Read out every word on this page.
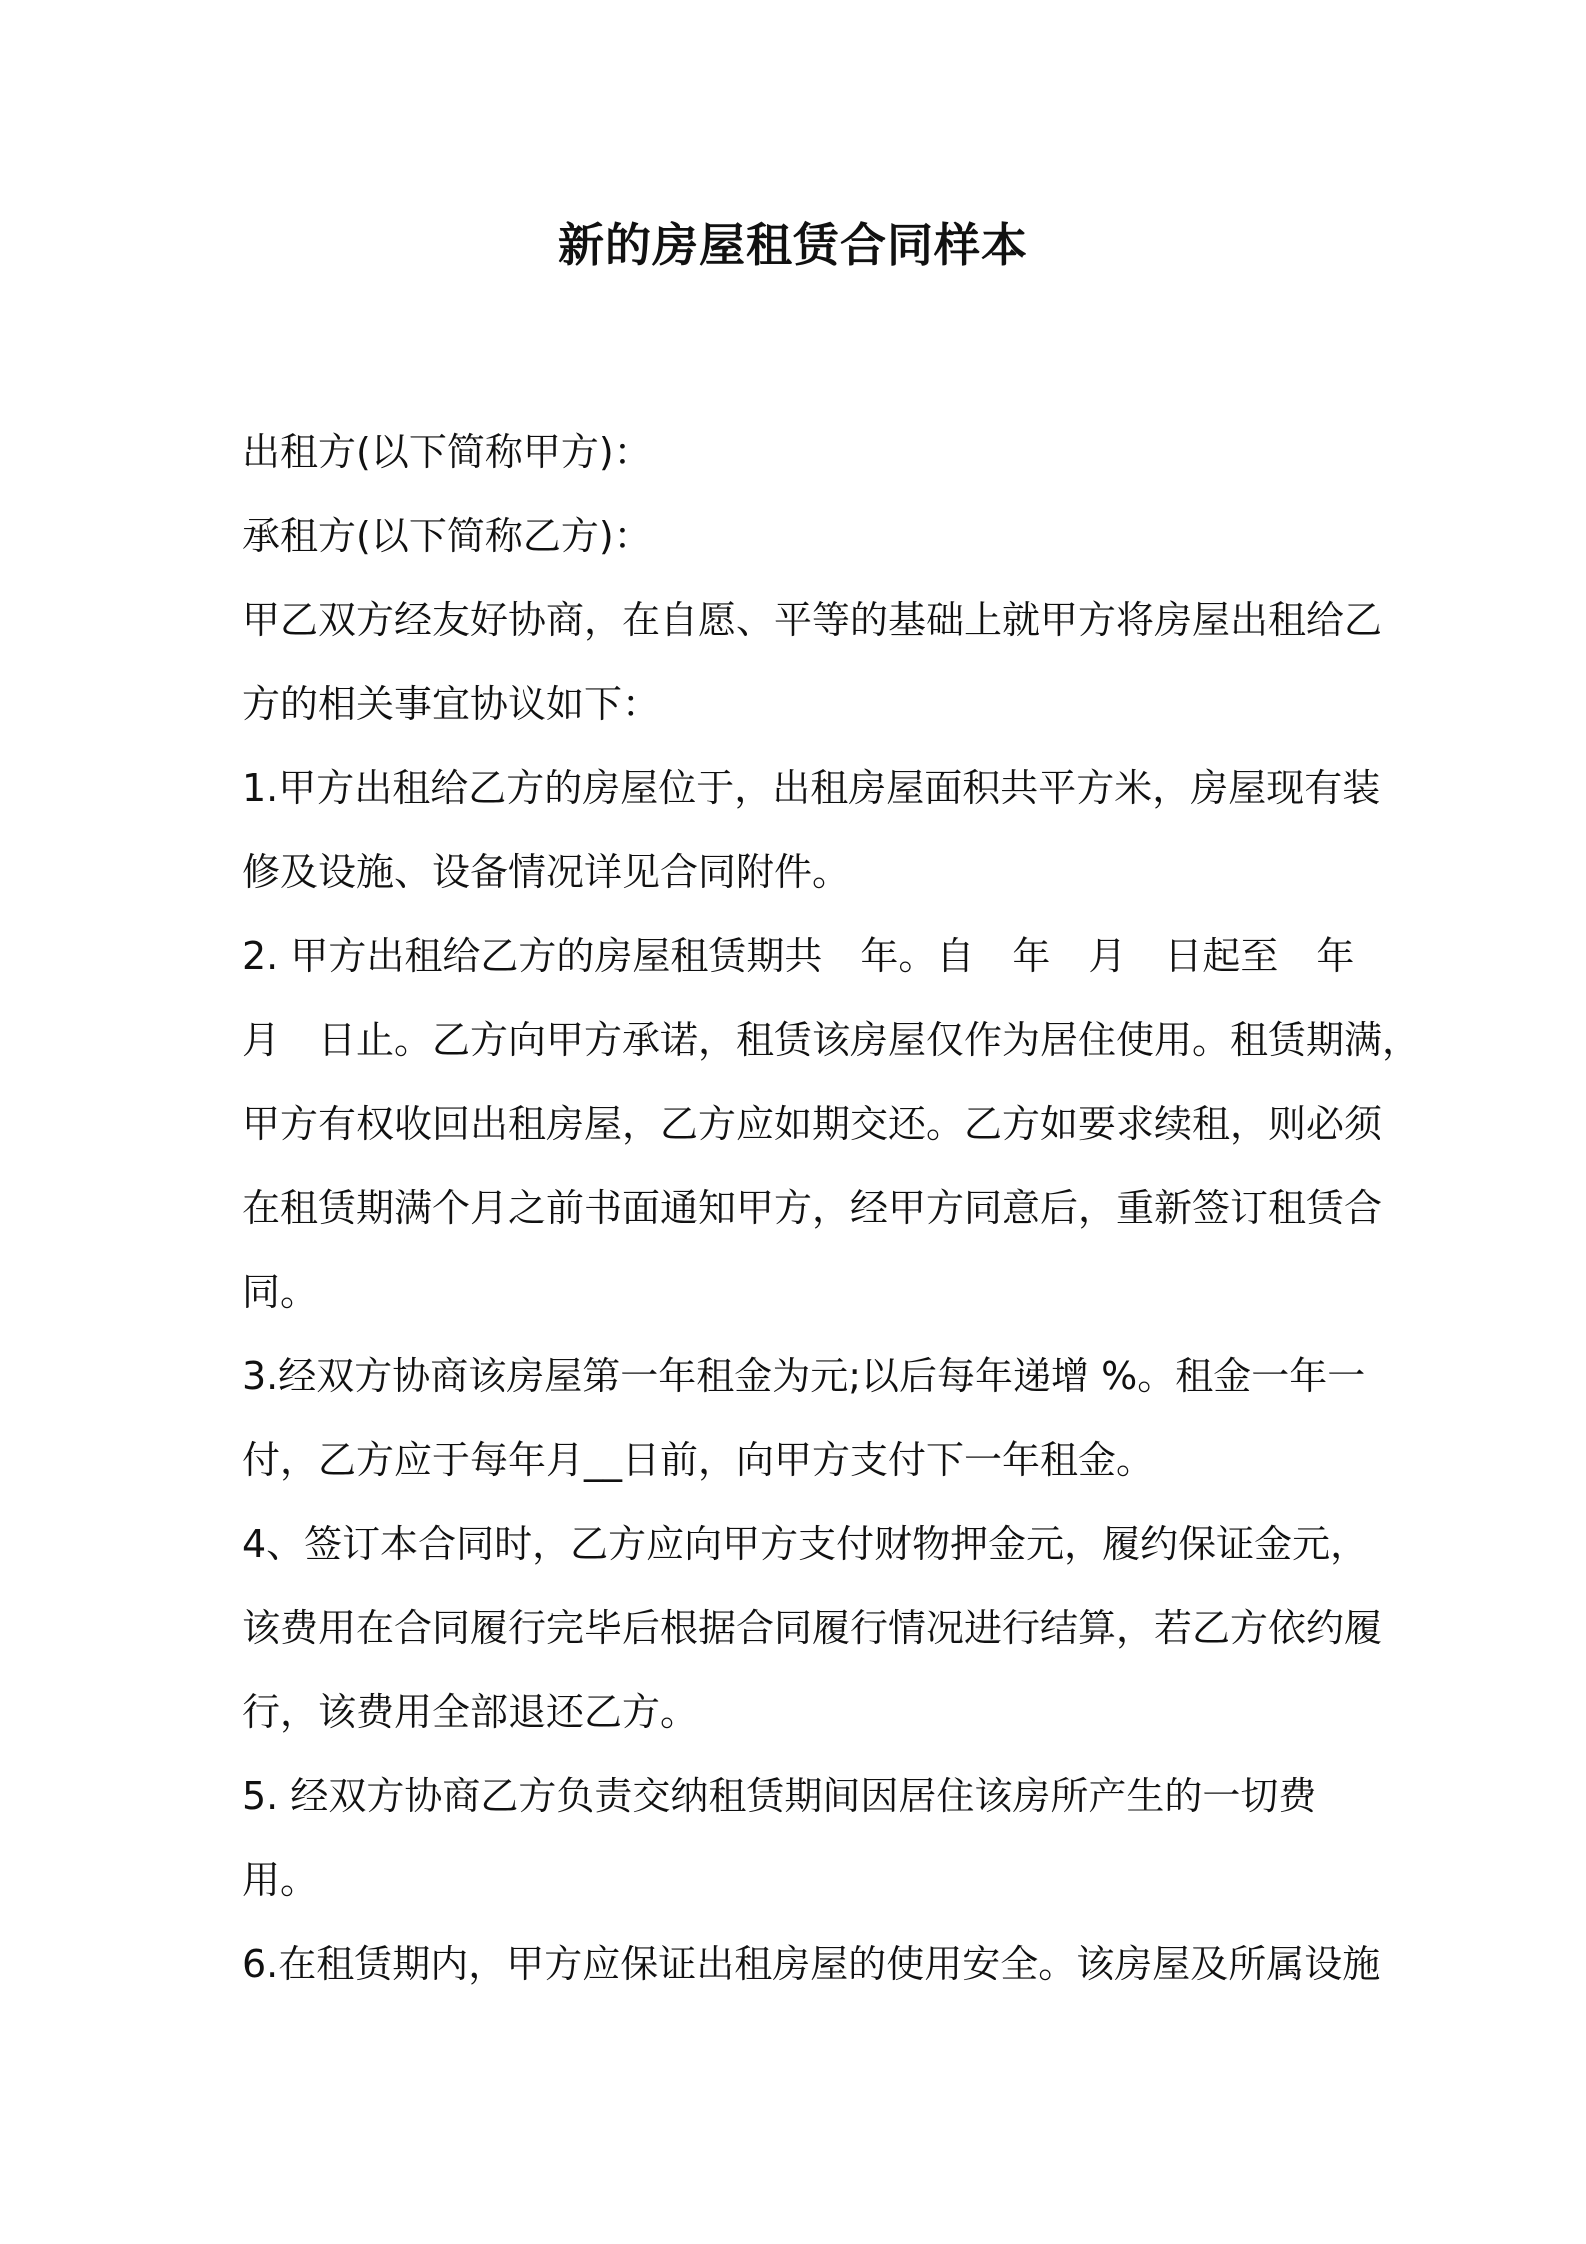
新的房屋租赁合同样本
出租方(以下简称甲方)：
承租方(以下简称乙方)：
甲乙双方经友好协商，在自愿、平等的基础上就甲方将房屋出租给乙
方的相关事宜协议如下：
1.甲方出租给乙方的房屋位于，出租房屋面积共平方米，房屋现有装
修及设施、设备情况详见合同附件。
2. 甲方出租给乙方的房屋租赁期共　年。自　年　月　日起至　年
月　日止。乙方向甲方承诺，租赁该房屋仅作为居住使用。租赁期满，
甲方有权收回出租房屋，乙方应如期交还。乙方如要求续租，则必须
在租赁期满个月之前书面通知甲方，经甲方同意后，重新签订租赁合
同。
3.经双方协商该房屋第一年租金为元;以后每年递增 %。租金一年一
付，乙方应于每年月__日前，向甲方支付下一年租金。
4、签订本合同时，乙方应向甲方支付财物押金元，履约保证金元，
该费用在合同履行完毕后根据合同履行情况进行结算，若乙方依约履
行，该费用全部退还乙方。
5. 经双方协商乙方负责交纳租赁期间因居住该房所产生的一切费
用。
6.在租赁期内，甲方应保证出租房屋的使用安全。该房屋及所属设施
